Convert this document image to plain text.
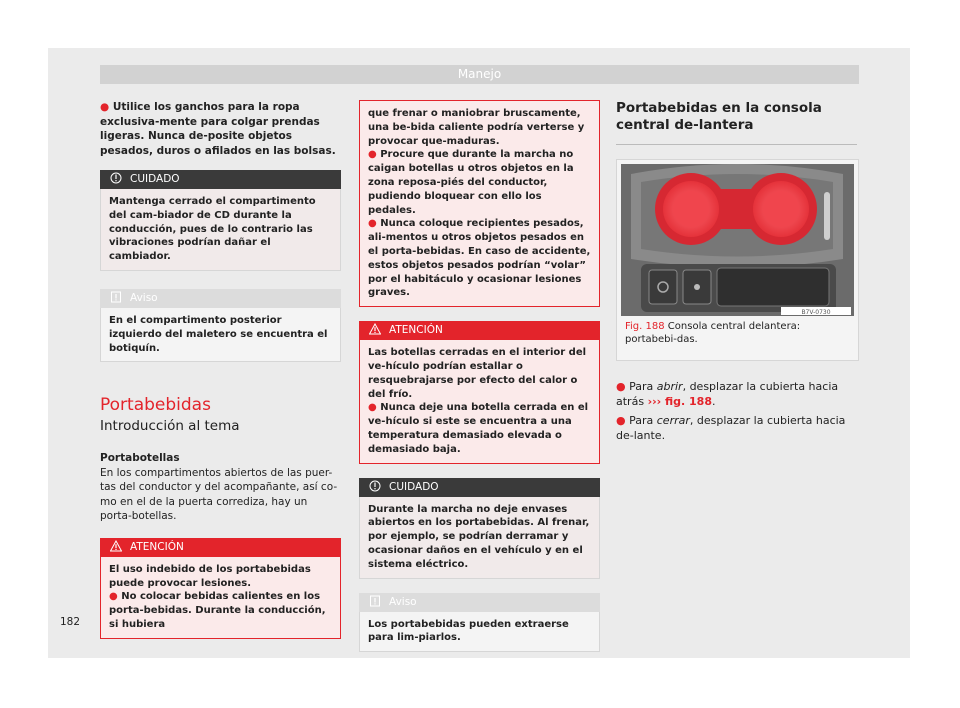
Manejo

● Utilice los ganchos para la ropa exclusiva-mente para colgar prendas ligeras. Nunca de-posite objetos pesados, duros o afilados en las bolsas.

CUIDADO
Mantenga cerrado el compartimento del cam-biador de CD durante la conducción, pues de lo contrario las vibraciones podrían dañar el cambiador.
Aviso
En el compartimento posterior izquierdo del maletero se encuentra el botiquín.
Portabebidas
Introducción al tema

Portabotellas

En los compartimentos abiertos de las puer-tas del conductor y del acompañante, así co-mo en el de la puerta corrediza, hay un porta-botellas.

ATENCIÓN
El uso indebido de los portabebidas puede provocar lesiones.
● No colocar bebidas calientes en los porta-bebidas. Durante la conducción, si hubiera
que frenar o maniobrar bruscamente, una be-bida caliente podría verterse y provocar que-maduras.
● Procure que durante la marcha no caigan botellas u otros objetos en la zona reposa-piés del conductor, pudiendo bloquear con ello los pedales.
● Nunca coloque recipientes pesados, ali-mentos u otros objetos pesados en el porta-bebidas. En caso de accidente, estos objetos pesados podrían “volar” por el habitáculo y ocasionar lesiones graves.
ATENCIÓN
Las botellas cerradas en el interior del ve-hículo podrían estallar o resquebrajarse por efecto del calor o del frío.
● Nunca deje una botella cerrada en el ve-hículo si este se encuentra a una temperatura demasiado elevada o demasiado baja.
CUIDADO
Durante la marcha no deje envases abiertos en los portabebidas. Al frenar, por ejemplo, se podrían derramar y ocasionar daños en el vehículo y en el sistema eléctrico.
Aviso
Los portabebidas pueden extraerse para lim-piarlos.
Portabebidas en la consola central de-lantera
B7V-0730
Fig. 188 Consola central delantera: portabebi-das.
● Para abrir, desplazar la cubierta hacia atrás ››› fig. 188.
● Para cerrar, desplazar la cubierta hacia de-lante.
182
